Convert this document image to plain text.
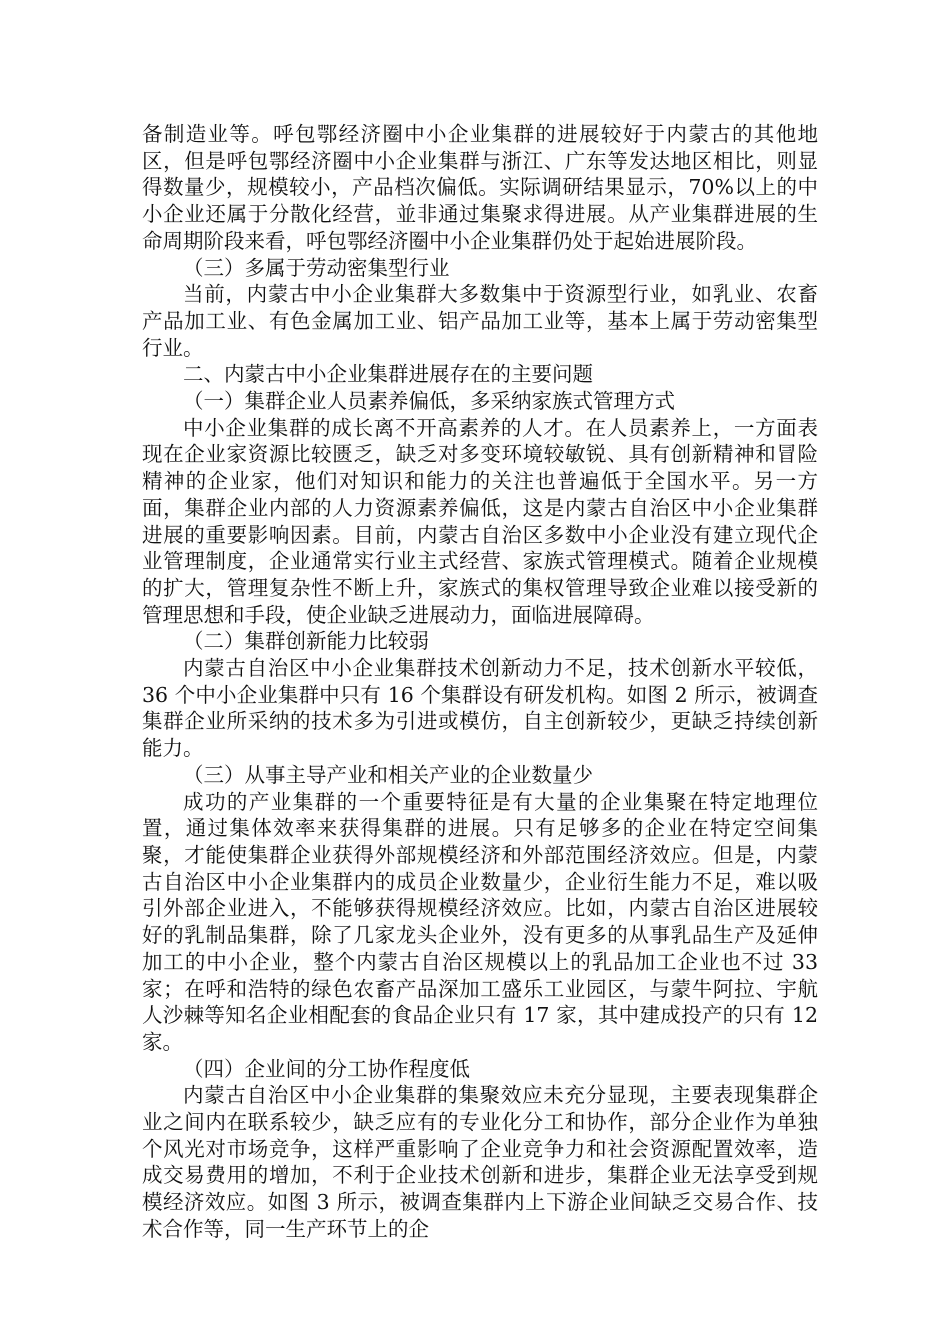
备制造业等。呼包鄂经济圈中小企业集群的进展较好于内蒙古的其他地区，但是呼包鄂经济圈中小企业集群与浙江、广东等发达地区相比，则显得数量少，规模较小，产品档次偏低。实际调研结果显示，70%以上的中小企业还属于分散化经营，並非通过集聚求得进展。从产业集群进展的生命周期阶段来看，呼包鄂经济圈中小企业集群仍处于起始进展阶段。

（三）多属于劳动密集型行业

当前，内蒙古中小企业集群大多数集中于资源型行业，如乳业、农畜产品加工业、有色金属加工业、铝产品加工业等，基本上属于劳动密集型行业。

二、内蒙古中小企业集群进展存在的主要问题

（一）集群企业人员素养偏低，多采纳家族式管理方式

中小企业集群的成长离不开高素养的人才。在人员素养上，一方面表现在企业家资源比较匮乏，缺乏对多变环境较敏锐、具有创新精神和冒险精神的企业家，他们对知识和能力的关注也普遍低于全国水平。另一方面，集群企业内部的人力资源素养偏低，这是内蒙古自治区中小企业集群进展的重要影响因素。目前，内蒙古自治区多数中小企业没有建立现代企业管理制度，企业通常实行业主式经营、家族式管理模式。随着企业规模的扩大，管理复杂性不断上升，家族式的集权管理导致企业难以接受新的管理思想和手段，使企业缺乏进展动力，面临进展障碍。

（二）集群创新能力比较弱

内蒙古自治区中小企业集群技术创新动力不足，技术创新水平较低，36 个中小企业集群中只有 16 个集群设有研发机构。如图 2 所示，被调查集群企业所采纳的技术多为引进或模仿，自主创新较少，更缺乏持续创新能力。

（三）从事主导产业和相关产业的企业数量少

成功的产业集群的一个重要特征是有大量的企业集聚在特定地理位置，通过集体效率来获得集群的进展。只有足够多的企业在特定空间集聚，才能使集群企业获得外部规模经济和外部范围经济效应。但是，内蒙古自治区中小企业集群内的成员企业数量少，企业衍生能力不足，难以吸引外部企业进入，不能够获得规模经济效应。比如，内蒙古自治区进展较好的乳制品集群，除了几家龙头企业外，没有更多的从事乳品生产及延伸加工的中小企业，整个内蒙古自治区规模以上的乳品加工企业也不过 33 家；在呼和浩特的绿色农畜产品深加工盛乐工业园区，与蒙牛阿拉、宇航人沙棘等知名企业相配套的食品企业只有 17 家，其中建成投产的只有 12 家。

（四）企业间的分工协作程度低

内蒙古自治区中小企业集群的集聚效应未充分显现，主要表现集群企业之间内在联系较少，缺乏应有的专业化分工和协作，部分企业作为单独个风光对市场竞争，这样严重影响了企业竞争力和社会资源配置效率，造成交易费用的增加，不利于企业技术创新和进步，集群企业无法享受到规模经济效应。如图 3 所示，被调查集群内上下游企业间缺乏交易合作、技术合作等，同一生产环节上的企
